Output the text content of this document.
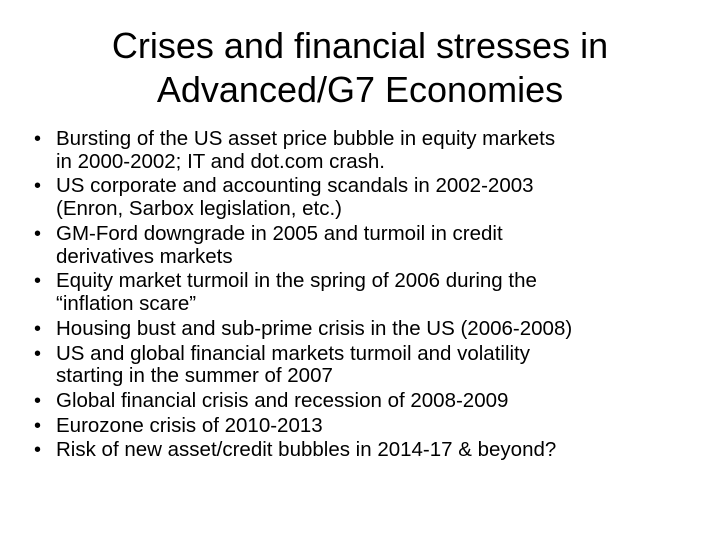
Crises and financial stresses in
Advanced/G7 Economies
• Bursting of the US asset price bubble in equity markets
in 2000-2002; IT and dot.com crash.
• US corporate and accounting scandals in 2002-2003
(Enron, Sarbox legislation, etc.)
• GM-Ford downgrade in 2005 and turmoil in credit
derivatives markets
• Equity market turmoil in the spring of 2006 during the
“inflation scare”
• Housing bust and sub-prime crisis in the US (2006-2008)
• US and global financial markets turmoil and volatility
starting in the summer of 2007
• Global financial crisis and recession of 2008-2009
• Eurozone crisis of 2010-2013
• Risk of new asset/credit bubbles in 2014-17 & beyond?
